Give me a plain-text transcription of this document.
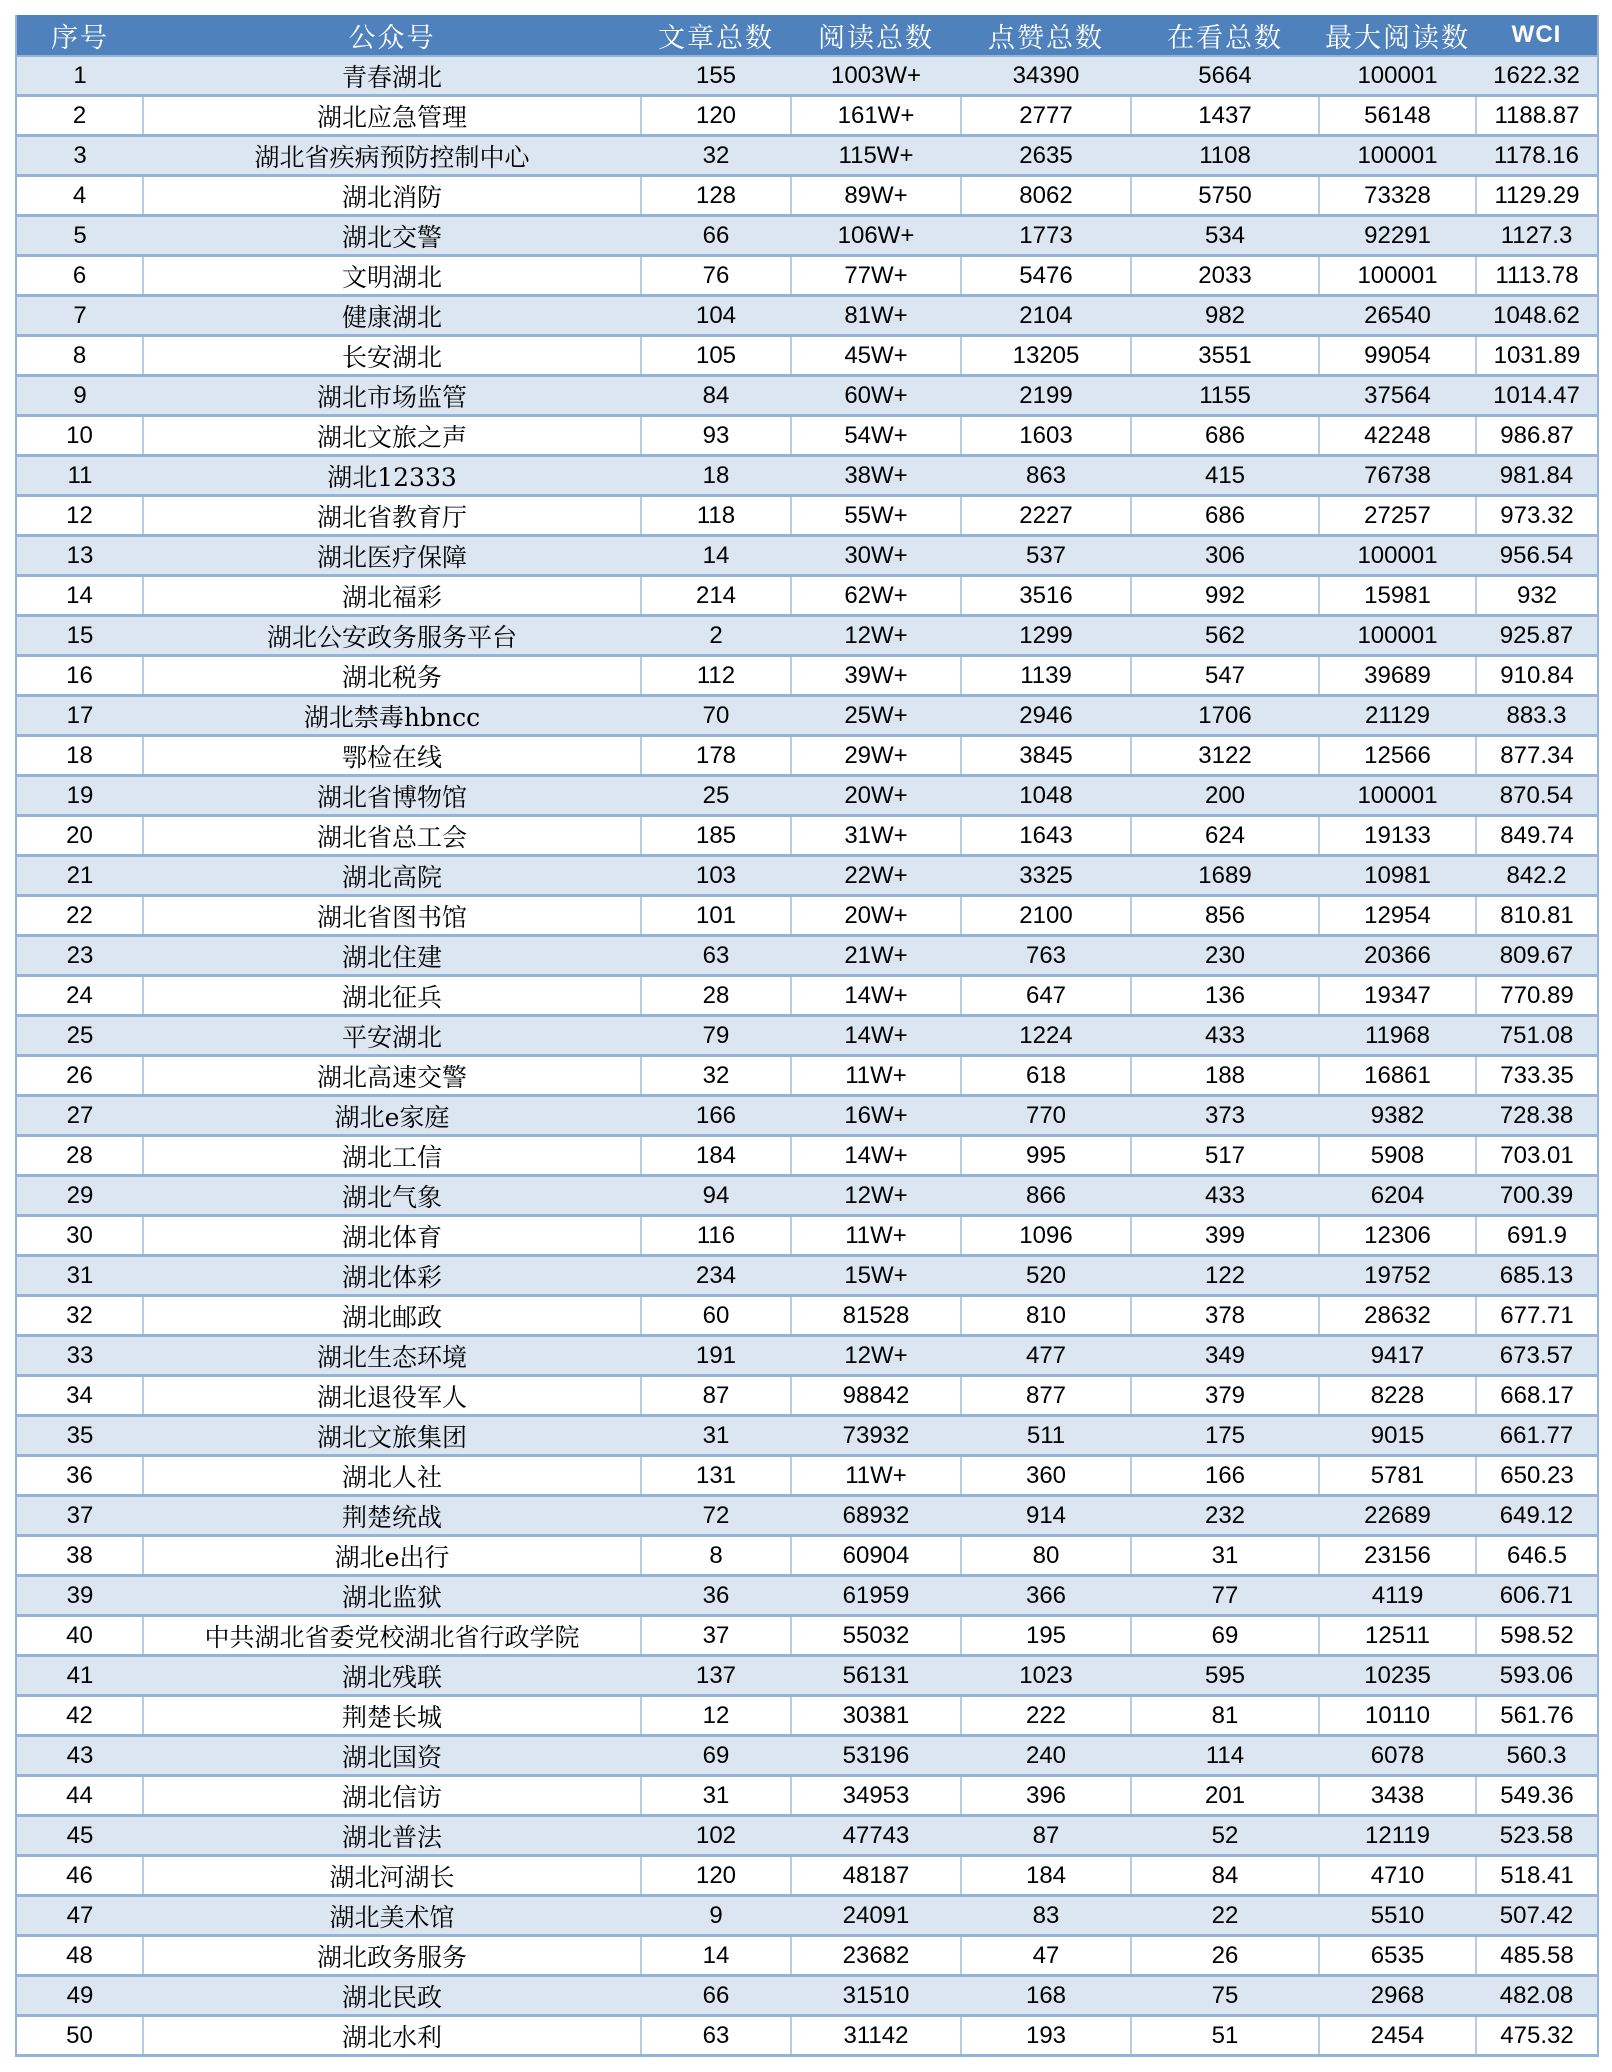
序号	公众号	文章总数	阅读总数	点赞总数	在看总数	最大阅读数	WCI
1	青春湖北	155	1003W+	34390	5664	100001	1622.32
2	湖北应急管理	120	161W+	2777	1437	56148	1188.87
3	湖北省疾病预防控制中心	32	115W+	2635	1108	100001	1178.16
4	湖北消防	128	89W+	8062	5750	73328	1129.29
5	湖北交警	66	106W+	1773	534	92291	1127.3
6	文明湖北	76	77W+	5476	2033	100001	1113.78
7	健康湖北	104	81W+	2104	982	26540	1048.62
8	长安湖北	105	45W+	13205	3551	99054	1031.89
9	湖北市场监管	84	60W+	2199	1155	37564	1014.47
10	湖北文旅之声	93	54W+	1603	686	42248	986.87
11	湖北12333	18	38W+	863	415	76738	981.84
12	湖北省教育厅	118	55W+	2227	686	27257	973.32
13	湖北医疗保障	14	30W+	537	306	100001	956.54
14	湖北福彩	214	62W+	3516	992	15981	932
15	湖北公安政务服务平台	2	12W+	1299	562	100001	925.87
16	湖北税务	112	39W+	1139	547	39689	910.84
17	湖北禁毒hbncc	70	25W+	2946	1706	21129	883.3
18	鄂检在线	178	29W+	3845	3122	12566	877.34
19	湖北省博物馆	25	20W+	1048	200	100001	870.54
20	湖北省总工会	185	31W+	1643	624	19133	849.74
21	湖北高院	103	22W+	3325	1689	10981	842.2
22	湖北省图书馆	101	20W+	2100	856	12954	810.81
23	湖北住建	63	21W+	763	230	20366	809.67
24	湖北征兵	28	14W+	647	136	19347	770.89
25	平安湖北	79	14W+	1224	433	11968	751.08
26	湖北高速交警	32	11W+	618	188	16861	733.35
27	湖北e家庭	166	16W+	770	373	9382	728.38
28	湖北工信	184	14W+	995	517	5908	703.01
29	湖北气象	94	12W+	866	433	6204	700.39
30	湖北体育	116	11W+	1096	399	12306	691.9
31	湖北体彩	234	15W+	520	122	19752	685.13
32	湖北邮政	60	81528	810	378	28632	677.71
33	湖北生态环境	191	12W+	477	349	9417	673.57
34	湖北退役军人	87	98842	877	379	8228	668.17
35	湖北文旅集团	31	73932	511	175	9015	661.77
36	湖北人社	131	11W+	360	166	5781	650.23
37	荆楚统战	72	68932	914	232	22689	649.12
38	湖北e出行	8	60904	80	31	23156	646.5
39	湖北监狱	36	61959	366	77	4119	606.71
40	中共湖北省委党校湖北省行政学院	37	55032	195	69	12511	598.52
41	湖北残联	137	56131	1023	595	10235	593.06
42	荆楚长城	12	30381	222	81	10110	561.76
43	湖北国资	69	53196	240	114	6078	560.3
44	湖北信访	31	34953	396	201	3438	549.36
45	湖北普法	102	47743	87	52	12119	523.58
46	湖北河湖长	120	48187	184	84	4710	518.41
47	湖北美术馆	9	24091	83	22	5510	507.42
48	湖北政务服务	14	23682	47	26	6535	485.58
49	湖北民政	66	31510	168	75	2968	482.08
50	湖北水利	63	31142	193	51	2454	475.32
